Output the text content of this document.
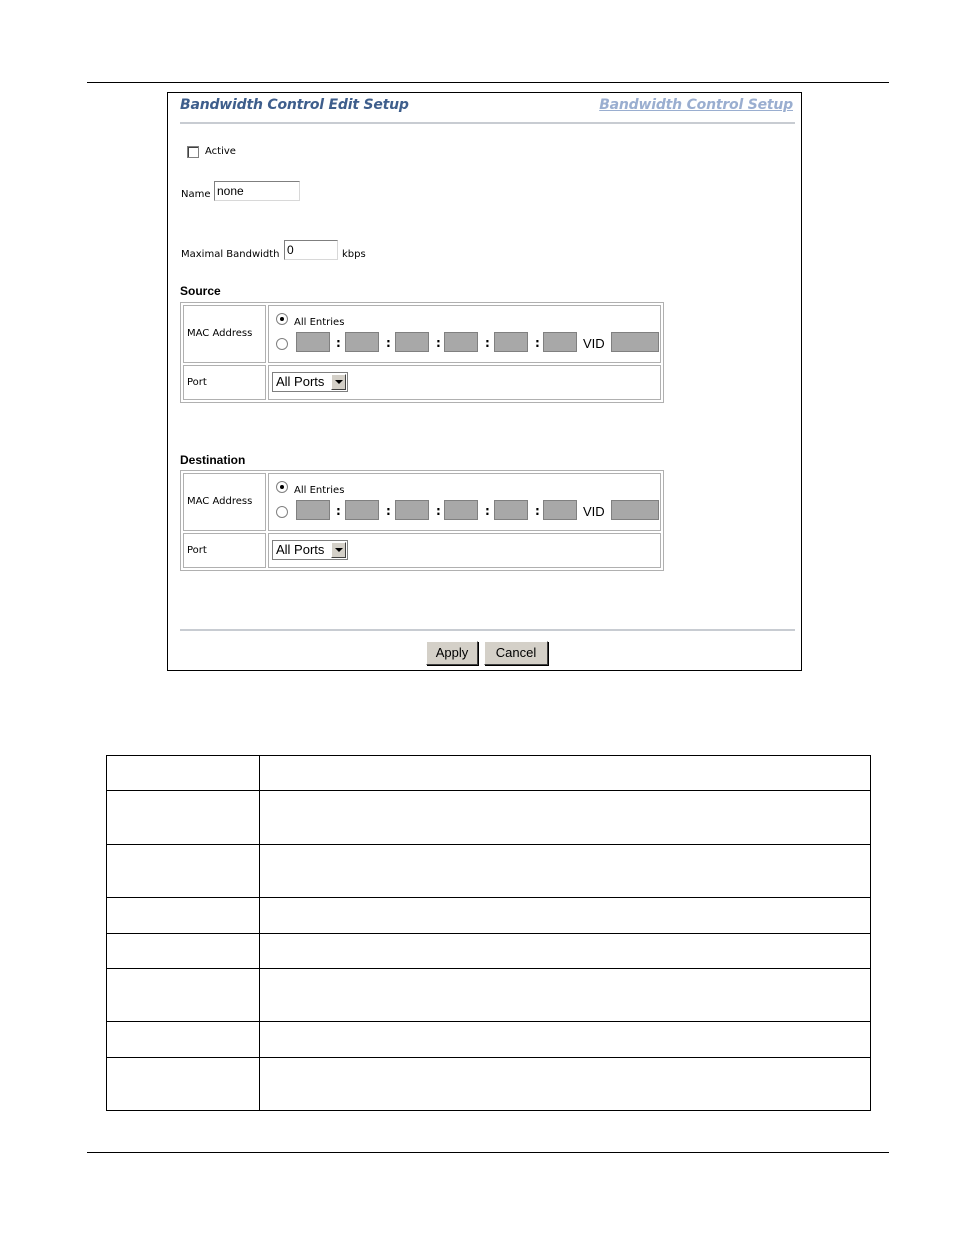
Bandwidth Control Edit Setup	Bandwidth Control Setup
Active
Name none
Maximal Bandwidth 0	kbps
Source
MAC Address
All Entries
:	:	:	:	:	VID
Port	All Ports
Destination
MAC Address
All Entries
:	:	:	:	:	VID
Port	All Ports
Apply	Cancel
